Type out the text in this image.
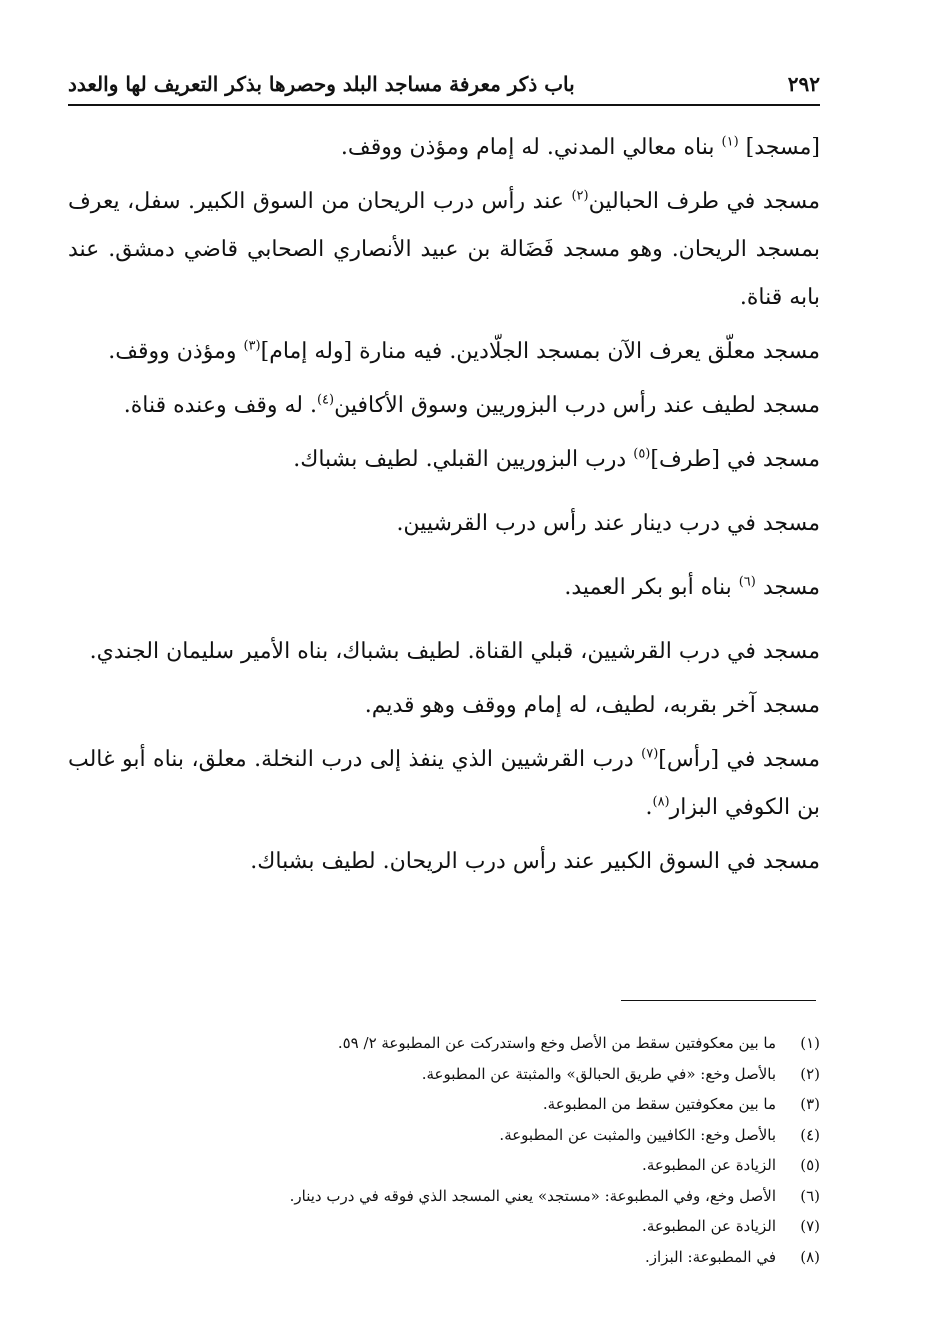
٢٩٢
باب ذكر معرفة مساجد البلد وحصرها بذكر التعريف لها والعدد

[مسجد] $^{(١)}$ بناه معالي المدني. له إمام ومؤذن ووقف.

مسجد في طرف الحبالين$^{(٢)}$ عند رأس درب الريحان من السوق الكبير. سفل، يعرف بمسجد الريحان. وهو مسجد فَضَالة بن عبيد الأنصاري الصحابي قاضي دمشق. عند بابه قناة.

مسجد معلّق يعرف الآن بمسجد الجلّادين. فيه منارة [وله إمام]$^{(٣)}$ ومؤذن ووقف.

مسجد لطيف عند رأس درب البزوريين وسوق الأكافين$^{(٤)}$. له وقف وعنده قناة.

مسجد في [طرف]$^{(٥)}$ درب البزوريين القبلي. لطيف بشباك.

مسجد في درب دينار عند رأس درب القرشيين.

مسجد $^{(٦)}$ بناه أبو بكر العميد.

مسجد في درب القرشيين، قبلي القناة. لطيف بشباك، بناه الأمير سليمان الجندي.

مسجد آخر بقربه، لطيف، له إمام ووقف وهو قديم.

مسجد في [رأس]$^{(٧)}$ درب القرشيين الذي ينفذ إلى درب النخلة. معلق، بناه أبو غالب بن الكوفي البزار$^{(٨)}$.

مسجد في السوق الكبير عند رأس درب الريحان. لطيف بشباك.

(١)
ما بين معكوفتين سقط من الأصل وخع واستدركت عن المطبوعة ٢/ ٥٩.
(٢)
بالأصل وخع: «في طريق الحبالق» والمثبتة عن المطبوعة.
(٣)
ما بين معكوفتين سقط من المطبوعة.
(٤)
بالأصل وخع: الكافيين والمثبت عن المطبوعة.
(٥)
الزيادة عن المطبوعة.
(٦)
الأصل وخع، وفي المطبوعة: «مستجد» يعني المسجد الذي فوقه في درب دينار.
(٧)
الزيادة عن المطبوعة.
(٨)
في المطبوعة: البزاز.
